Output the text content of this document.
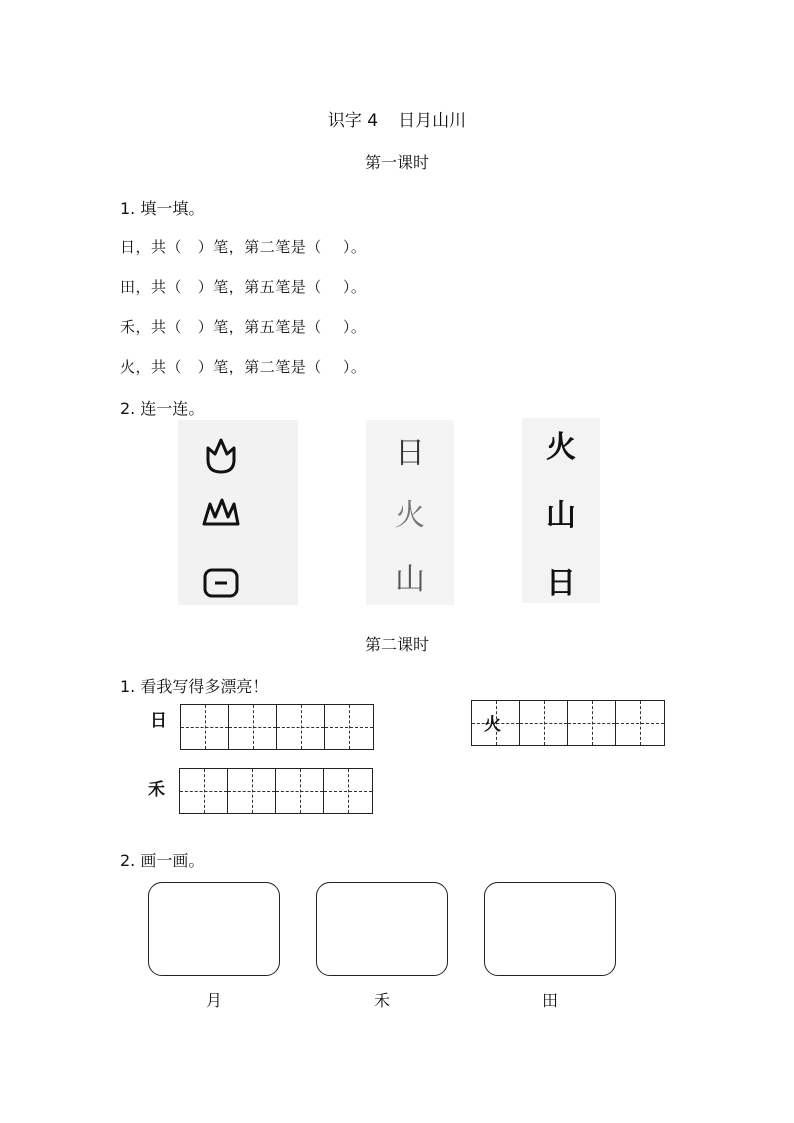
识字 4 日月山川
第一课时
1. 填一填。
日，共（   ）笔，第二笔是（    ）。
田，共（   ）笔，第五笔是（    ）。
禾，共（   ）笔，第五笔是（    ）。
火，共（   ）笔，第二笔是（    ）。
2. 连一连。
日
火
山
火
山
日
第二课时
1. 看我写得多漂亮！
日	火
禾
2. 画一画。
月	禾	田
